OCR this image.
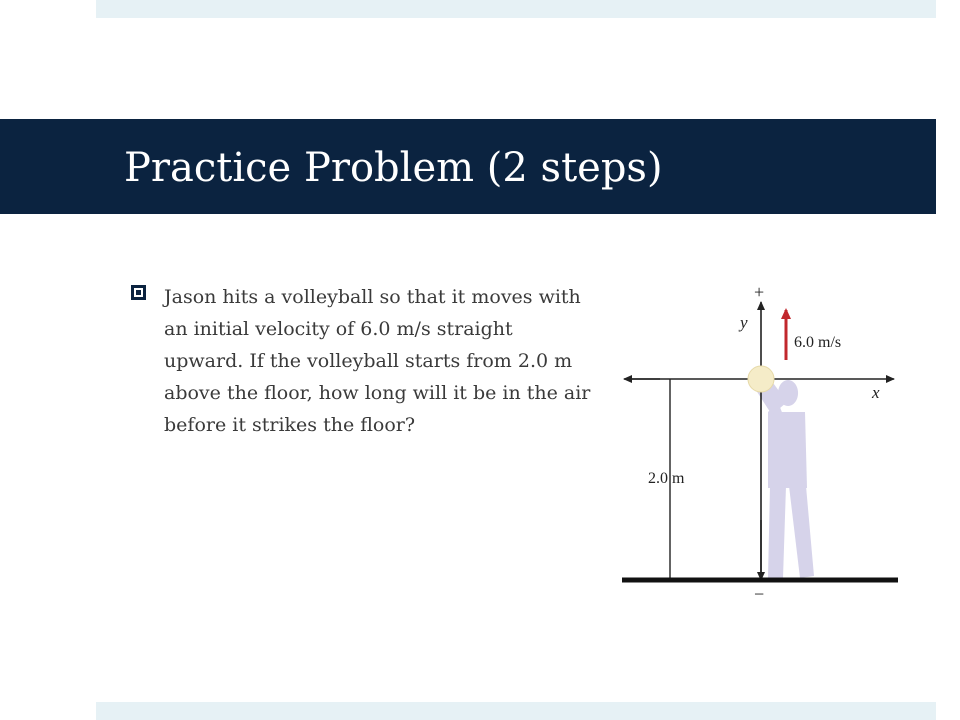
Practice Problem (2 steps)

Jason hits a volleyball so that it moves with an initial velocity of 6.0 m/s straight upward. If the volleyball starts from 2.0 m above the floor, how long will it be in the air before it strikes the floor?

+
−
y
x
6.0 m/s
2.0 m
